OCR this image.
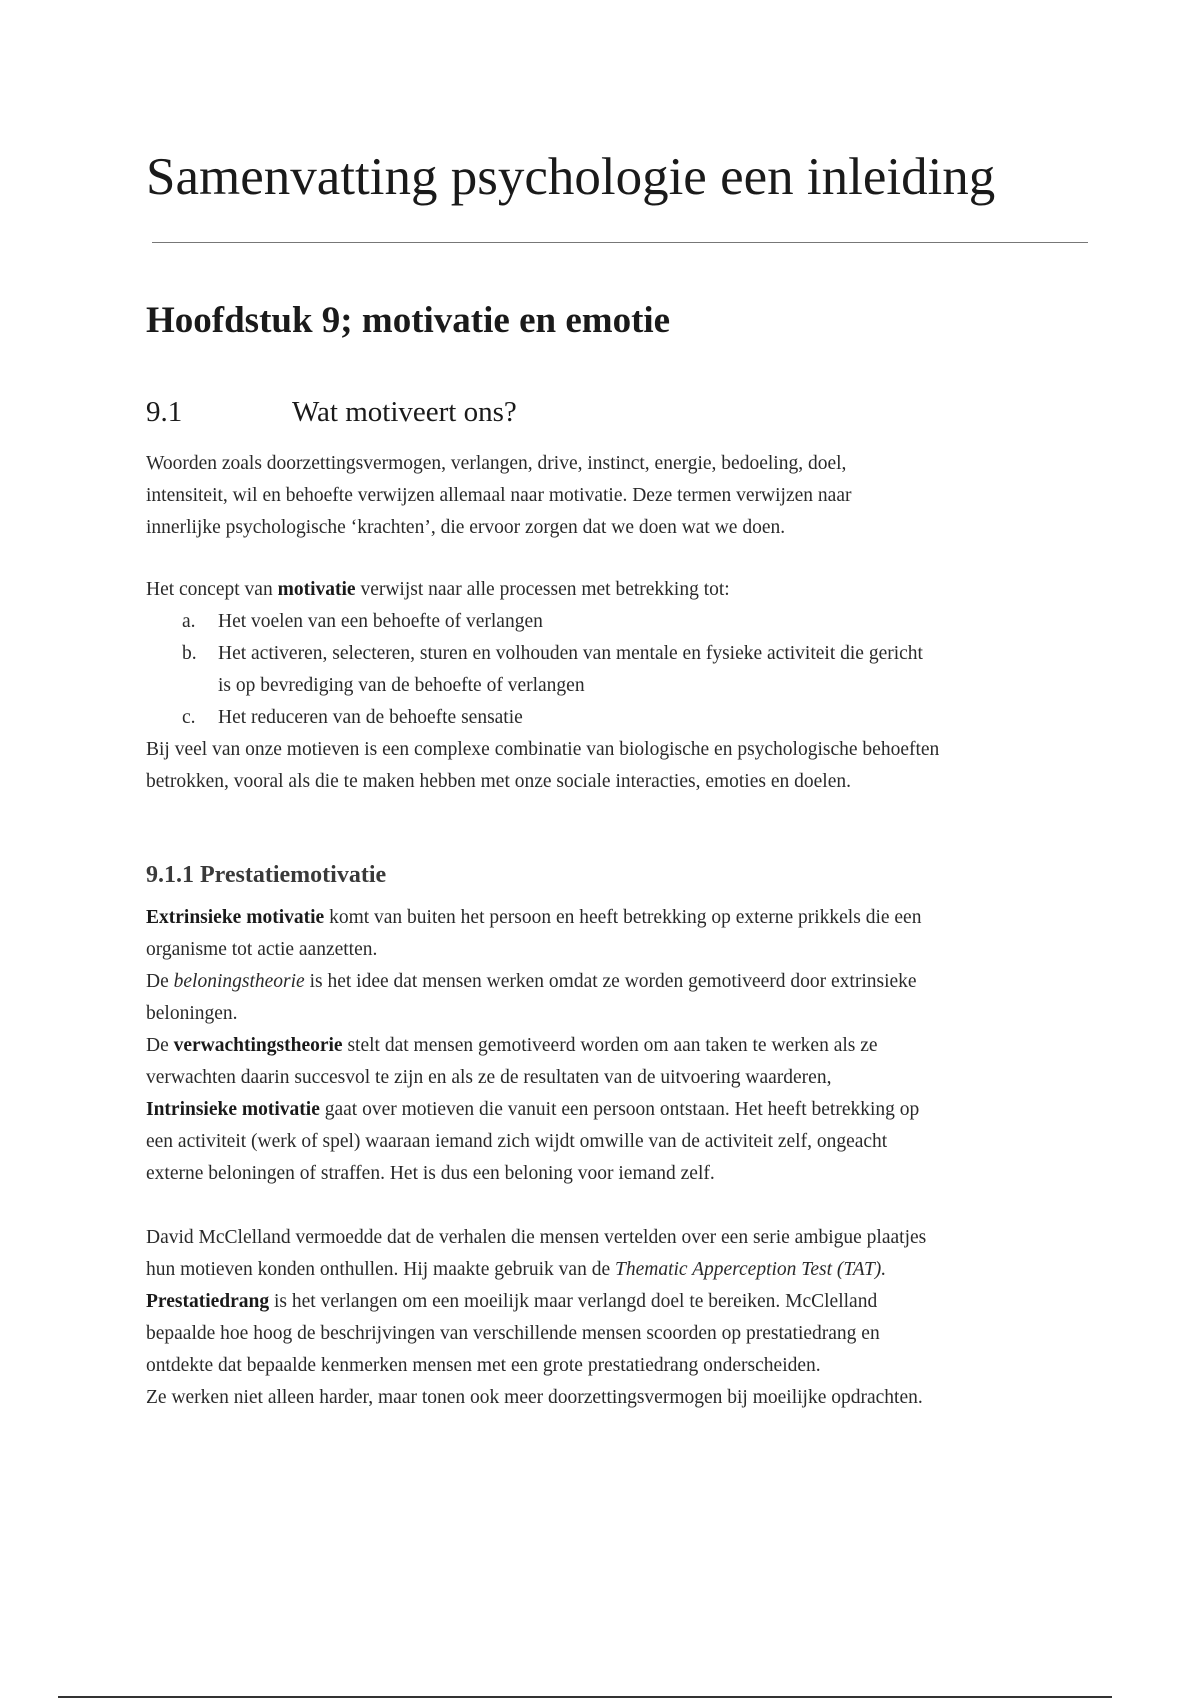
Samenvatting psychologie een inleiding
Hoofdstuk 9; motivatie en emotie
9.1	Wat motiveert ons?
Woorden zoals doorzettingsvermogen, verlangen, drive, instinct, energie, bedoeling, doel,
intensiteit, wil en behoefte verwijzen allemaal naar motivatie. Deze termen verwijzen naar
innerlijke psychologische ‘krachten’, die ervoor zorgen dat we doen wat we doen.
Het concept van motivatie verwijst naar alle processen met betrekking tot:
a. Het voelen van een behoefte of verlangen
b. Het activeren, selecteren, sturen en volhouden van mentale en fysieke activiteit die gericht
is op bevrediging van de behoefte of verlangen
c. Het reduceren van de behoefte sensatie
Bij veel van onze motieven is een complexe combinatie van biologische en psychologische behoeften
betrokken, vooral als die te maken hebben met onze sociale interacties, emoties en doelen.
9.1.1 Prestatiemotivatie
Extrinsieke motivatie komt van buiten het persoon en heeft betrekking op externe prikkels die een
organisme tot actie aanzetten.
De beloningstheorie is het idee dat mensen werken omdat ze worden gemotiveerd door extrinsieke
beloningen.
De verwachtingstheorie stelt dat mensen gemotiveerd worden om aan taken te werken als ze
verwachten daarin succesvol te zijn en als ze de resultaten van de uitvoering waarderen,
Intrinsieke motivatie gaat over motieven die vanuit een persoon ontstaan. Het heeft betrekking op
een activiteit (werk of spel) waaraan iemand zich wijdt omwille van de activiteit zelf, ongeacht
externe beloningen of straffen. Het is dus een beloning voor iemand zelf.
David McClelland vermoedde dat de verhalen die mensen vertelden over een serie ambigue plaatjes
hun motieven konden onthullen. Hij maakte gebruik van de Thematic Apperception Test (TAT).
Prestatiedrang is het verlangen om een moeilijk maar verlangd doel te bereiken. McClelland
bepaalde hoe hoog de beschrijvingen van verschillende mensen scoorden op prestatiedrang en
ontdekte dat bepaalde kenmerken mensen met een grote prestatiedrang onderscheiden.
Ze werken niet alleen harder, maar tonen ook meer doorzettingsvermogen bij moeilijke opdrachten.
